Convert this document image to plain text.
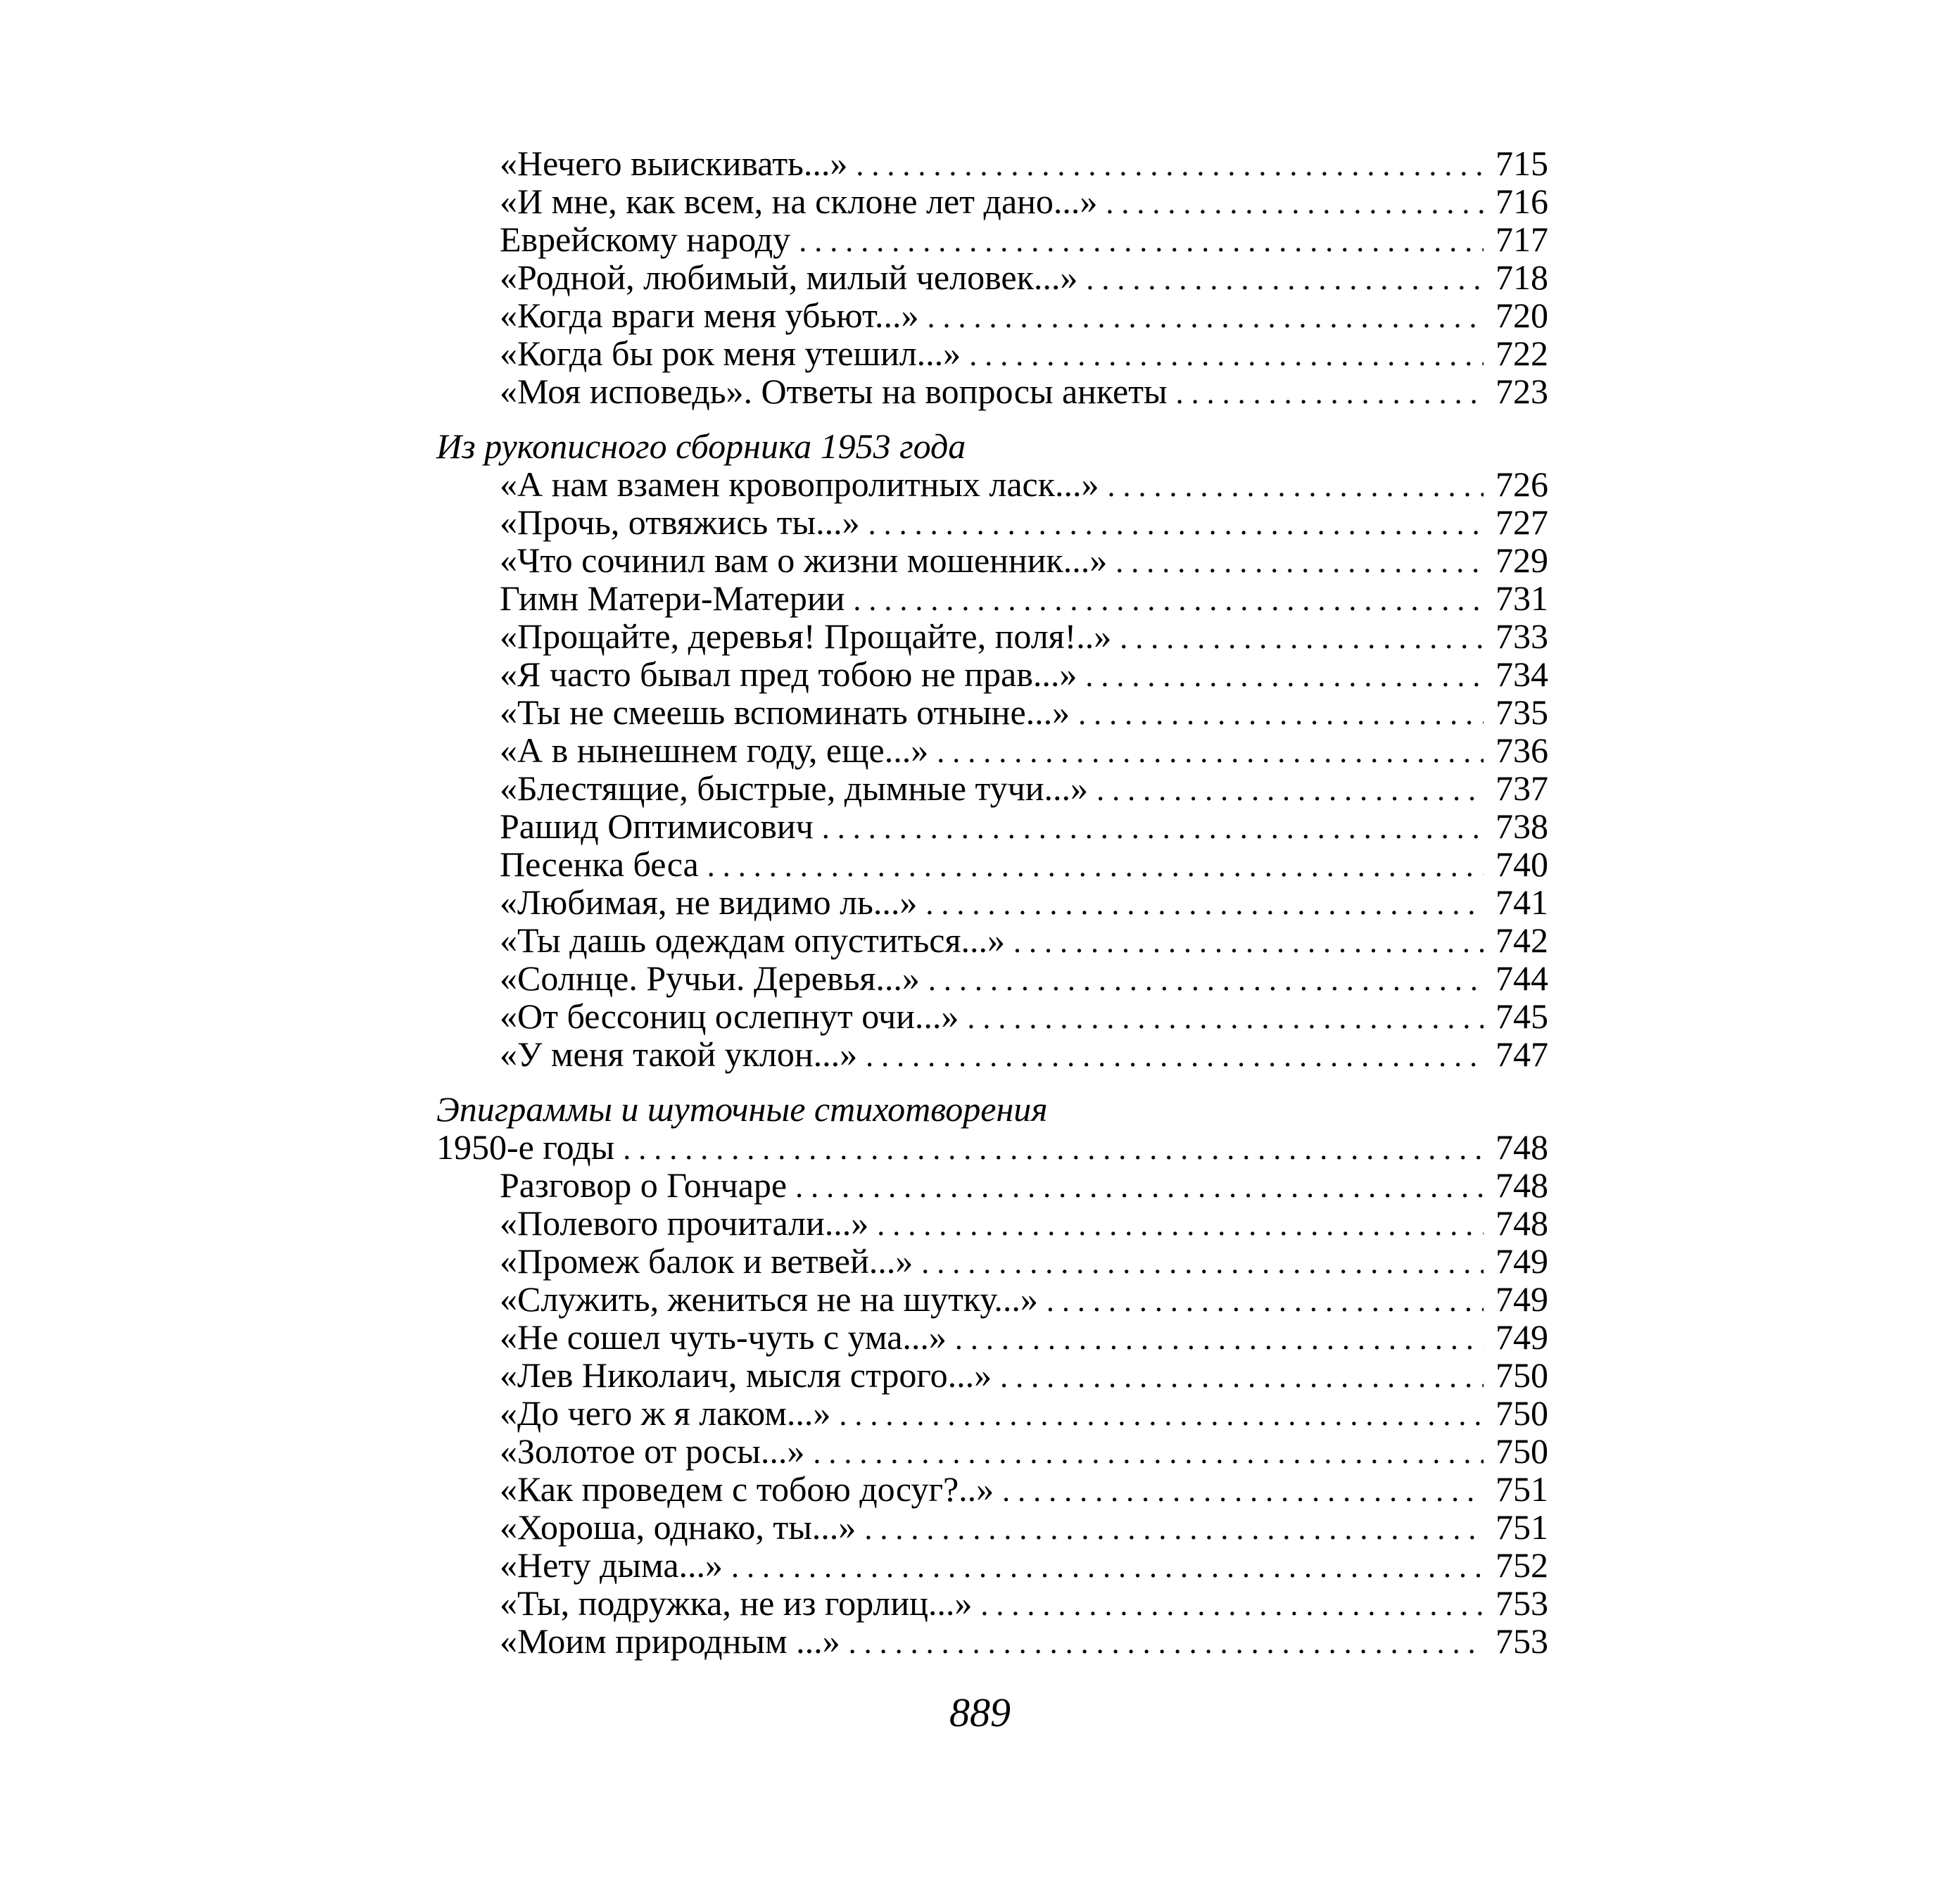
«Нечего выискивать...» . . .	715
«И мне, как всем, на склоне лет дано...» . . .	716
Еврейскому народу . . .	717
«Родной, любимый, милый человек...» . . .	718
«Когда враги меня убьют...» . . .	720
«Когда бы рок меня утешил...» . . .	722
«Моя исповедь». Ответы на вопросы анкеты . . .	723
Из рукописного сборника 1953 года
«А нам взамен кровопролитных ласк...» . . .	726
«Прочь, отвяжись ты...» . . .	727
«Что сочинил вам о жизни мошенник...» . . .	729
Гимн Матери-Материи . . .	731
«Прощайте, деревья! Прощайте, поля!..» . . .	733
«Я часто бывал пред тобою не прав...» . . .	734
«Ты не смеешь вспоминать отныне...» . . .	735
«А в нынешнем году, еще...» . . .	736
«Блестящие, быстрые, дымные тучи...» . . .	737
Рашид Оптимисович . . .	738
Песенка беса . . .	740
«Любимая, не видимо ль...» . . .	741
«Ты дашь одеждам опуститься...» . . .	742
«Солнце. Ручьи. Деревья...» . . .	744
«От бессониц ослепнут очи...» . . .	745
«У меня такой уклон...» . . .	747
Эпиграммы и шуточные стихотворения
1950-е годы . . .	748
Разговор о Гончаре . . .	748
«Полевого прочитали...» . . .	748
«Промеж балок и ветвей...» . . .	749
«Служить, жениться не на шутку...» . . .	749
«Не сошел чуть-чуть с ума...» . . .	749
«Лев Николаич, мысля строго...» . . .	750
«До чего ж я лаком...» . . .	750
«Золотое от росы...» . . .	750
«Как проведем с тобою досуг?..» . . .	751
«Хороша, однако, ты...» . . .	751
«Нету дыма...» . . .	752
«Ты, подружка, не из горлиц...» . . .	753
«Моим природным ...» . . .	753
889
